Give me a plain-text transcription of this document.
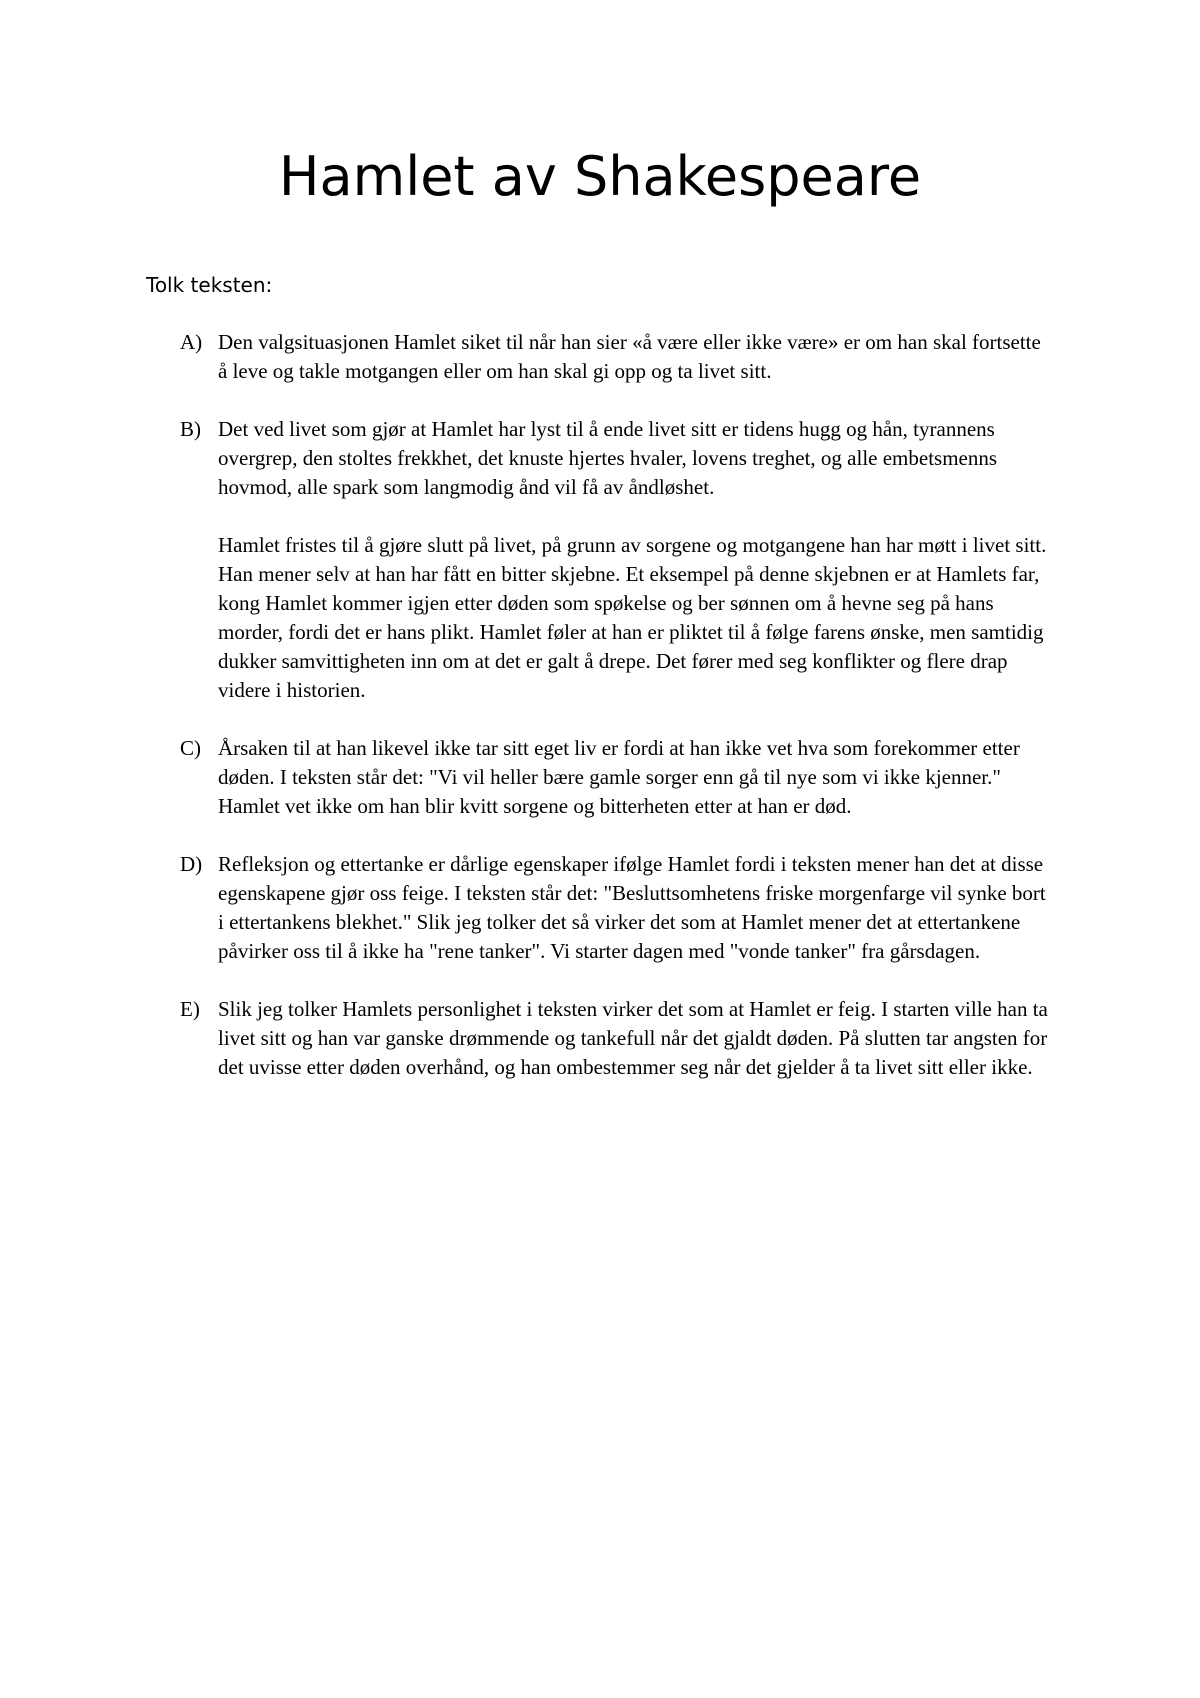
Hamlet av Shakespeare

Tolk teksten:

A) Den valgsituasjonen Hamlet siket til når han sier «å være eller ikke være» er om han skal fortsette å leve og takle motgangen eller om han skal gi opp og ta livet sitt.

B) Det ved livet som gjør at Hamlet har lyst til å ende livet sitt er tidens hugg og hån, tyrannens overgrep, den stoltes frekkhet, det knuste hjertes hvaler, lovens treghet, og alle embetsmenns hovmod, alle spark som langmodig ånd vil få av åndløshet.

Hamlet fristes til å gjøre slutt på livet, på grunn av sorgene og motgangene han har møtt i livet sitt. Han mener selv at han har fått en bitter skjebne. Et eksempel på denne skjebnen er at Hamlets far, kong Hamlet kommer igjen etter døden som spøkelse og ber sønnen om å hevne seg på hans morder, fordi det er hans plikt. Hamlet føler at han er pliktet til å følge farens ønske, men samtidig dukker samvittigheten inn om at det er galt å drepe. Det fører med seg konflikter og flere drap videre i historien.

C) Årsaken til at han likevel ikke tar sitt eget liv er fordi at han ikke vet hva som forekommer etter døden. I teksten står det: "Vi vil heller bære gamle sorger enn gå til nye som vi ikke kjenner." Hamlet vet ikke om han blir kvitt sorgene og bitterheten etter at han er død.

D) Refleksjon og ettertanke er dårlige egenskaper ifølge Hamlet fordi i teksten mener han det at disse egenskapene gjør oss feige. I teksten står det: "Besluttsomhetens friske morgenfarge vil synke bort i ettertankens blekhet." Slik jeg tolker det så virker det som at Hamlet mener det at ettertankene påvirker oss til å ikke ha "rene tanker". Vi starter dagen med "vonde tanker" fra gårsdagen.

E) Slik jeg tolker Hamlets personlighet i teksten virker det som at Hamlet er feig. I starten ville han ta livet sitt og han var ganske drømmende og tankefull når det gjaldt døden. På slutten tar angsten for det uvisse etter døden overhånd, og han ombestemmer seg når det gjelder å ta livet sitt eller ikke.
